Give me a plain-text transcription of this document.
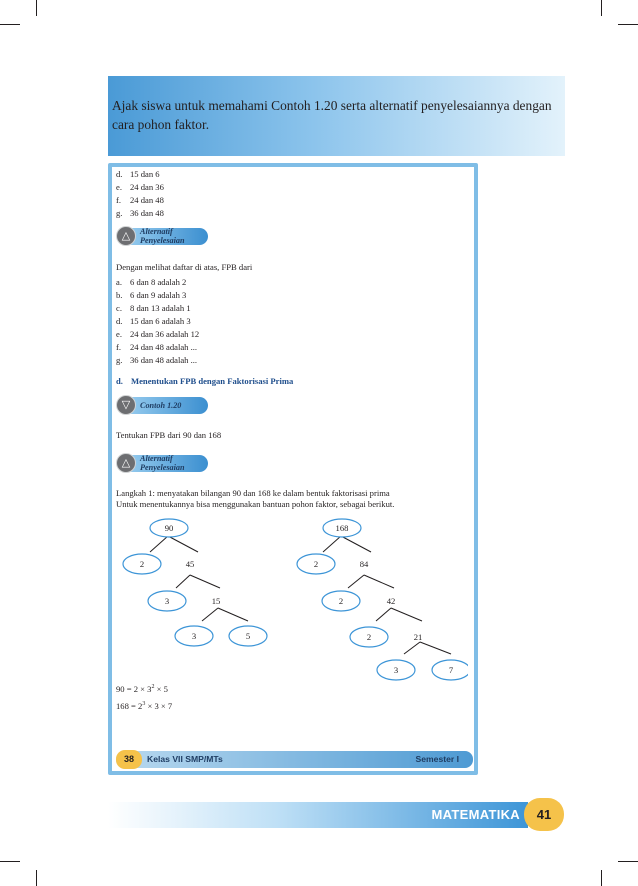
Ajak siswa untuk memahami Contoh 1.20 serta alternatif penyelesaiannya dengan cara pohon faktor.
d. 15 dan 6
e. 24 dan 36
f. 24 dan 48
g. 36 dan 48
△	Alternatif
Penyelesaian
Dengan melihat daftar di atas, FPB dari
a. 6 dan 8 adalah 2
b. 6 dan 9 adalah 3
c. 8 dan 13 adalah 1
d. 15 dan 6 adalah 3
e. 24 dan 36 adalah 12
f. 24 dan 48 adalah ...
g. 36 dan 48 adalah ...
d. Menentukan FPB dengan Faktorisasi Prima
▽	Contoh 1.20
Tentukan FPB dari 90 dan 168
△	Alternatif
Penyelesaian
Langkah 1: menyatakan bilangan 90 dan 168 ke dalam bentuk faktorisasi prima
Untuk menentukannya bisa menggunakan bantuan pohon faktor, sebagai berikut.
90
2	45
3	15
3	5
168
2	84
2	42
2	21
3	7
$90 = 2 \times 3^2 \times 5$
$168 = 2^3 \times 3 \times 7$
38	Kelas VII SMP/MTs	Semester I
MATEMATIKA	41
